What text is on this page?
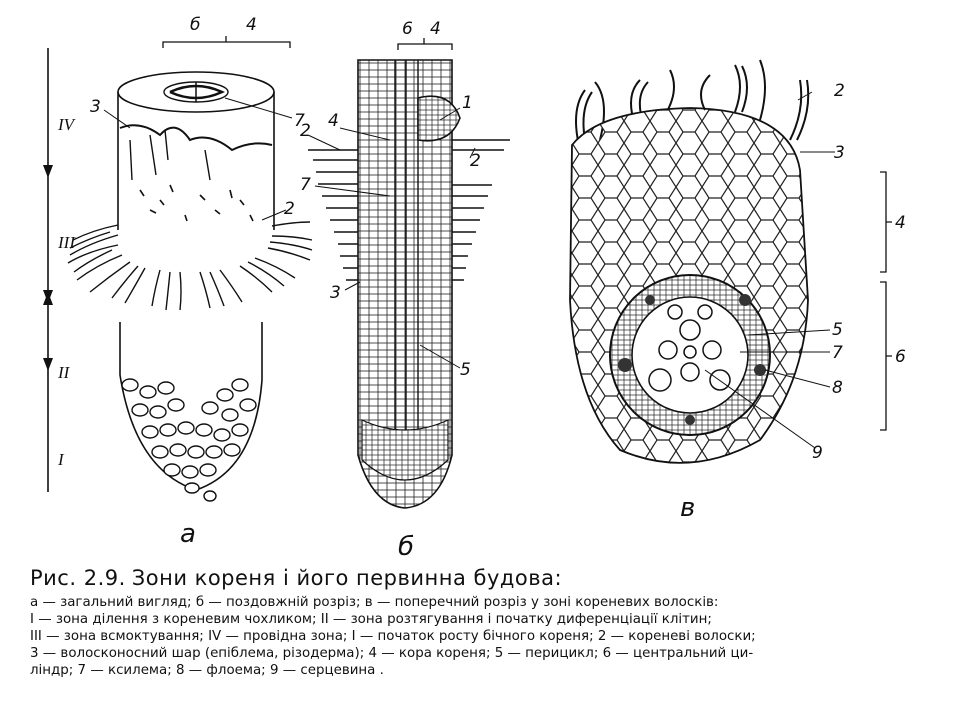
IV
III
II
I
б	4
3
7
2
а
6 4
4
2
1
2
7
3
5
б
2
3
4
6
5
7
8
9
в

Рис. 2.9. Зони кореня і його первинна будова:

а — загальний вигляд; б — поздовжній розріз; в — поперечний розріз у зоні кореневих волосків:

І — зона ділення з кореневим чохликом; ІІ — зона розтягування і початку диференціації клітин;

ІІІ — зона всмоктування; ІV — провідна зона; І — початок росту бічного кореня; 2 — кореневі волоски;

3 — волосконосний шар (епіблема, різодерма); 4 — кора кореня; 5 — перицикл; 6 — центральний ци-

ліндр; 7 — ксилема; 8 — флоема; 9 — серцевина .
